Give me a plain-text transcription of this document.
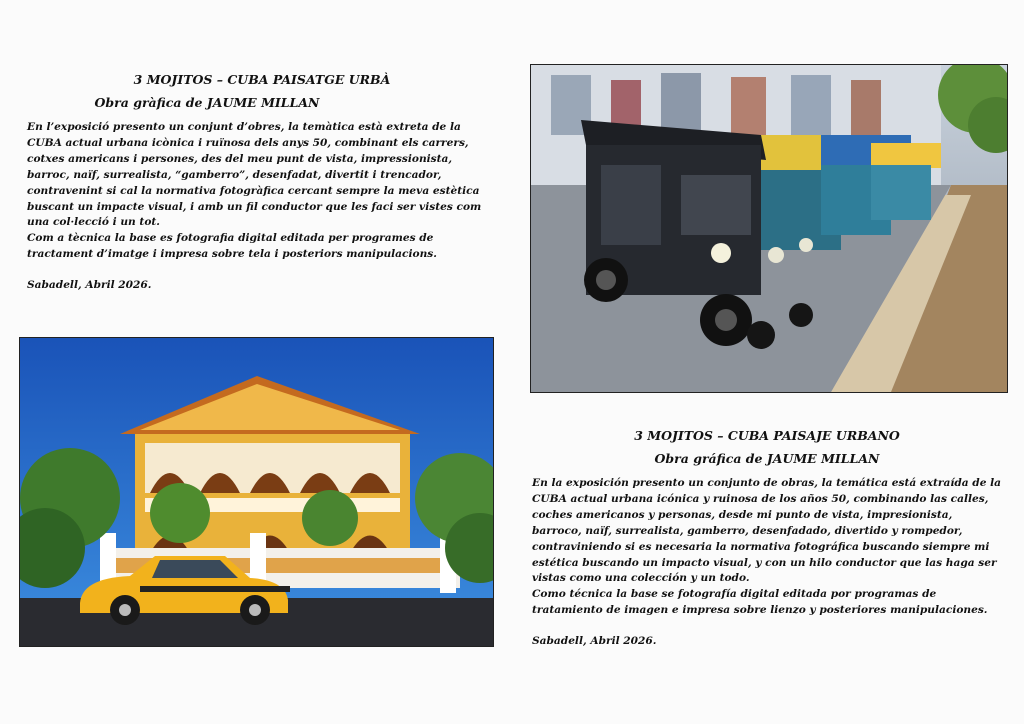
3 MOJITOS – CUBA PAISATGE URBÀ

Obra gràfica de JAUME MILLAN

En l’exposició presento un conjunt d’obres, la temàtica està extreta de la
CUBA actual urbana icònica i ruïnosa dels anys 50, combinant els carrers,
cotxes americans i persones, des del meu punt de vista, impressionista,
barroc, naïf, surrealista, “gamberro”, desenfadat, divertit i trencador,
contravenint si cal la normativa fotogràfica cercant sempre la meva estètica
buscant un impacte visual, i amb un fil conductor que les faci ser vistes com
una col·lecció i un tot.
Com a tècnica la base es fotografia digital editada per programes de
tractament d’imatge i impresa sobre tela i posteriors manipulacions.

Sabadell, Abril 2026.

3 MOJITOS – CUBA PAISAJE URBANO

Obra gráfica de JAUME MILLAN

En la exposición presento un conjunto de obras, la temática está extraída de la
CUBA actual urbana icónica y ruinosa de los años 50, combinando las calles,
coches americanos y personas, desde mi punto de vista, impresionista,
barroco, naïf, surrealista, gamberro, desenfadado, divertido y rompedor,
contraviniendo si es necesaria la normativa fotográfica buscando siempre mi
estética buscando un impacto visual, y con un hilo conductor que las haga ser
vistas como una colección y un todo.
Como técnica la base se fotografía digital editada por programas de
tratamiento de imagen e impresa sobre lienzo y posteriores manipulaciones.

Sabadell, Abril 2026.
